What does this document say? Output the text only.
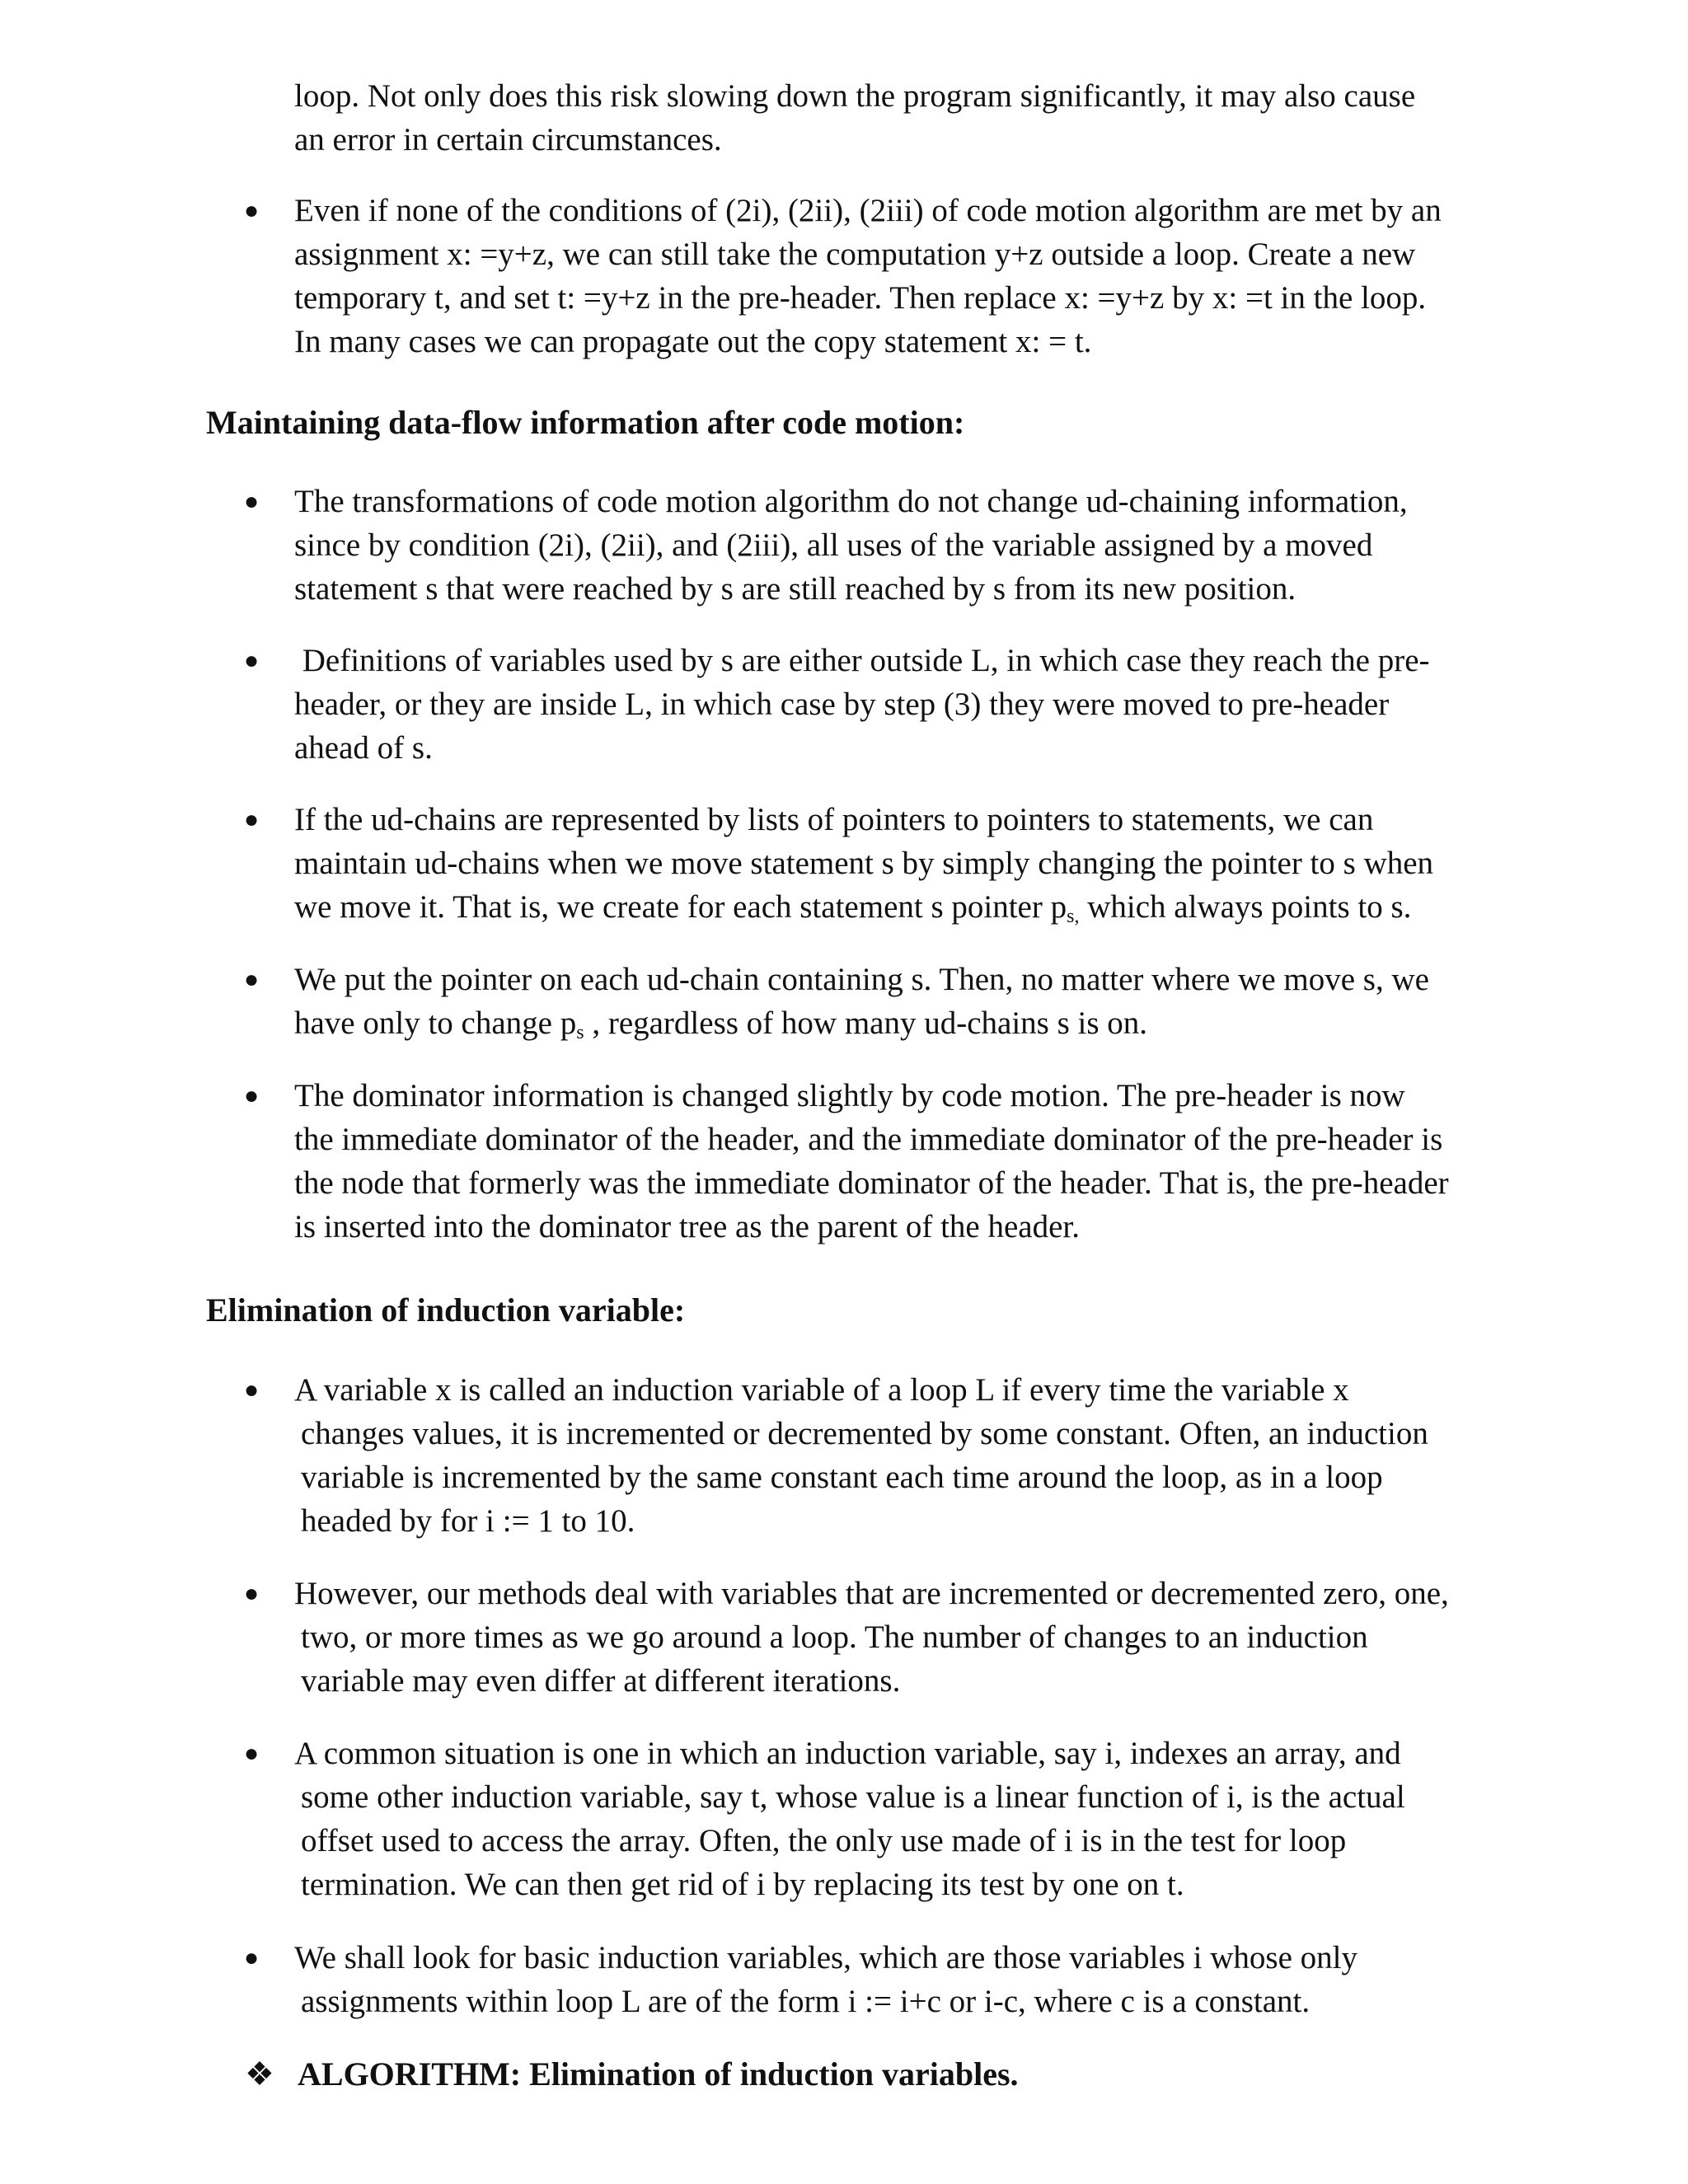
loop. Not only does this risk slowing down the program significantly, it may also cause
an error in certain circumstances.

● Even if none of the conditions of (2i), (2ii), (2iii) of code motion algorithm are met by an
assignment x: =y+z, we can still take the computation y+z outside a loop. Create a new
temporary t, and set t: =y+z in the pre-header. Then replace x: =y+z by x: =t in the loop.
In many cases we can propagate out the copy statement x: = t.

Maintaining data-flow information after code motion:
● The transformations of code motion algorithm do not change ud-chaining information,
since by condition (2i), (2ii), and (2iii), all uses of the variable assigned by a moved
statement s that were reached by s are still reached by s from its new position.

● Definitions of variables used by s are either outside L, in which case they reach the pre-
header, or they are inside L, in which case by step (3) they were moved to pre-header
ahead of s.

● If the ud-chains are represented by lists of pointers to pointers to statements, we can
maintain ud-chains when we move statement s by simply changing the pointer to s when
we move it. That is, we create for each statement s pointer $p_{s,}$ which always points to s.

● We put the pointer on each ud-chain containing s. Then, no matter where we move s, we
have only to change $p_s$ , regardless of how many ud-chains s is on.

● The dominator information is changed slightly by code motion. The pre-header is now
the immediate dominator of the header, and the immediate dominator of the pre-header is
the node that formerly was the immediate dominator of the header. That is, the pre-header
is inserted into the dominator tree as the parent of the header.

Elimination of induction variable:
● A variable x is called an induction variable of a loop L if every time the variable x
changes values, it is incremented or decremented by some constant. Often, an induction
variable is incremented by the same constant each time around the loop, as in a loop
headed by for i := 1 to 10.

● However, our methods deal with variables that are incremented or decremented zero, one,
two, or more times as we go around a loop. The number of changes to an induction
variable may even differ at different iterations.

● A common situation is one in which an induction variable, say i, indexes an array, and
some other induction variable, say t, whose value is a linear function of i, is the actual
offset used to access the array. Often, the only use made of i is in the test for loop
termination. We can then get rid of i by replacing its test by one on t.

● We shall look for basic induction variables, which are those variables i whose only
assignments within loop L are of the form i := i+c or i-c, where c is a constant.

❖ ALGORITHM: Elimination of induction variables.
